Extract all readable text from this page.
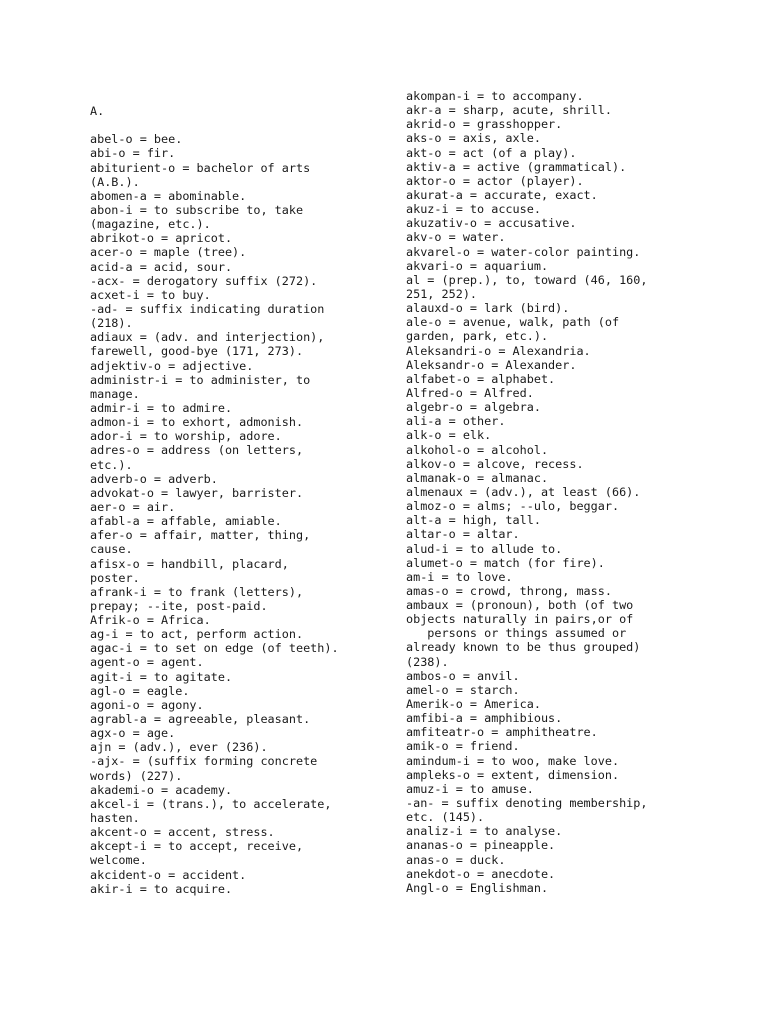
A.
abel-o = bee.
abi-o = fir.
abiturient-o = bachelor of arts
(A.B.).
abomen-a = abominable.
abon-i = to subscribe to, take
(magazine, etc.).
abrikot-o = apricot.
acer-o = maple (tree).
acid-a = acid, sour.
-acx- = derogatory suffix (272).
acxet-i = to buy.
-ad- = suffix indicating duration
(218).
adiaux = (adv. and interjection),
farewell, good-bye (171, 273).
adjektiv-o = adjective.
administr-i = to administer, to
manage.
admir-i = to admire.
admon-i = to exhort, admonish.
ador-i = to worship, adore.
adres-o = address (on letters,
etc.).
adverb-o = adverb.
advokat-o = lawyer, barrister.
aer-o = air.
afabl-a = affable, amiable.
afer-o = affair, matter, thing,
cause.
afisx-o = handbill, placard,
poster.
afrank-i = to frank (letters),
prepay; --ite, post-paid.
Afrik-o = Africa.
ag-i = to act, perform action.
agac-i = to set on edge (of teeth).
agent-o = agent.
agit-i = to agitate.
agl-o = eagle.
agoni-o = agony.
agrabl-a = agreeable, pleasant.
agx-o = age.
ajn = (adv.), ever (236).
-ajx- = (suffix forming concrete
words) (227).
akademi-o = academy.
akcel-i = (trans.), to accelerate,
hasten.
akcent-o = accent, stress.
akcept-i = to accept, receive,
welcome.
akcident-o = accident.
akir-i = to acquire.
akompan-i = to accompany.
akr-a = sharp, acute, shrill.
akrid-o = grasshopper.
aks-o = axis, axle.
akt-o = act (of a play).
aktiv-a = active (grammatical).
aktor-o = actor (player).
akurat-a = accurate, exact.
akuz-i = to accuse.
akuzativ-o = accusative.
akv-o = water.
akvarel-o = water-color painting.
akvari-o = aquarium.
al = (prep.), to, toward (46, 160,
251, 252).
alauxd-o = lark (bird).
ale-o = avenue, walk, path (of
garden, park, etc.).
Aleksandri-o = Alexandria.
Aleksandr-o = Alexander.
alfabet-o = alphabet.
Alfred-o = Alfred.
algebr-o = algebra.
ali-a = other.
alk-o = elk.
alkohol-o = alcohol.
alkov-o = alcove, recess.
almanak-o = almanac.
almenaux = (adv.), at least (66).
almoz-o = alms; --ulo, beggar.
alt-a = high, tall.
altar-o = altar.
alud-i = to allude to.
alumet-o = match (for fire).
am-i = to love.
amas-o = crowd, throng, mass.
ambaux = (pronoun), both (of two
objects naturally in pairs,or of
persons or things assumed or
already known to be thus grouped)
(238).
ambos-o = anvil.
amel-o = starch.
Amerik-o = America.
amfibi-a = amphibious.
amfiteatr-o = amphitheatre.
amik-o = friend.
amindum-i = to woo, make love.
ampleks-o = extent, dimension.
amuz-i = to amuse.
-an- = suffix denoting membership,
etc. (145).
analiz-i = to analyse.
ananas-o = pineapple.
anas-o = duck.
anekdot-o = anecdote.
Angl-o = Englishman.
